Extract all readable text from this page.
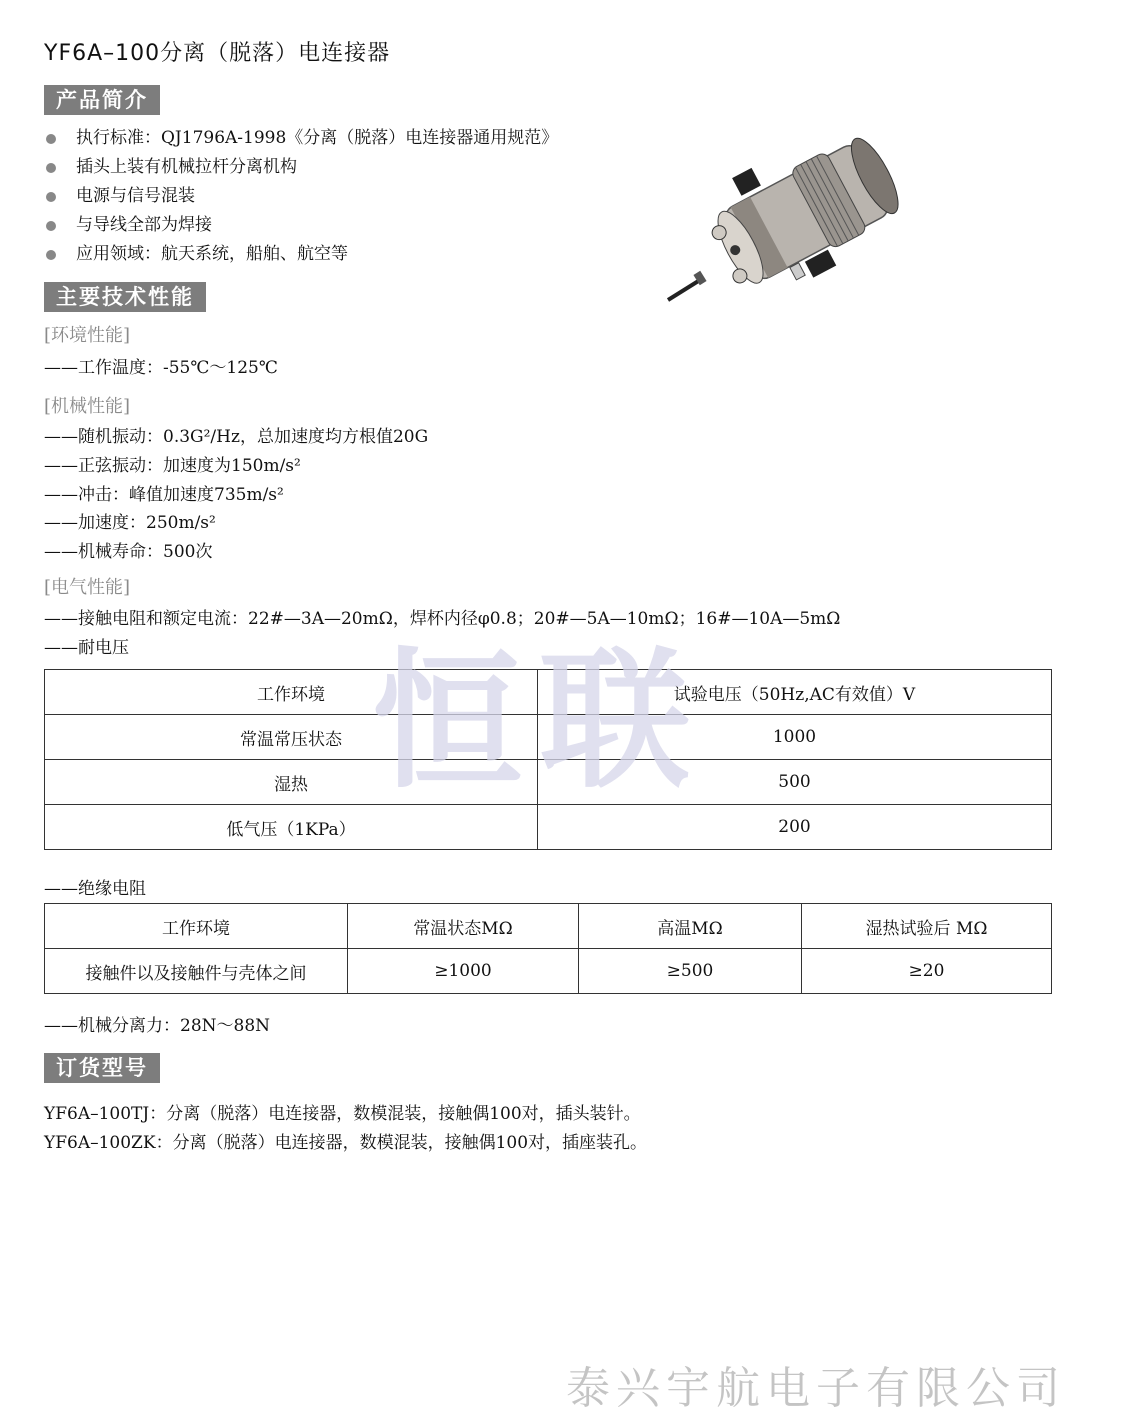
YF6A–100分离（脱落）电连接器
产品简介
执行标准：QJ1796A-1998《分离（脱落）电连接器通用规范》
插头上装有机械拉杆分离机构
电源与信号混装
与导线全部为焊接
应用领域：航天系统，船舶、航空等
主要技术性能
[环境性能]
——工作温度：-55℃～125℃
[机械性能]
——随机振动：0.3G²/Hz，总加速度均方根值20G
——正弦振动：加速度为150m/s²
——冲击：峰值加速度735m/s²
——加速度：250m/s²
——机械寿命：500次
[电气性能]
——接触电阻和额定电流：22#—3A—20mΩ，焊杯内径φ0.8；20#—5A—10mΩ；16#—10A—5mΩ
——耐电压
工作环境	试验电压（50Hz,AC有效值）V
常温常压状态	1000
湿热	500
低气压（1KPa）	200
——绝缘电阻
工作环境	常温状态MΩ	高温MΩ	湿热试验后 MΩ
接触件以及接触件与壳体之间	≥1000	≥500	≥20
——机械分离力：28N～88N
订货型号
YF6A–100TJ：分离（脱落）电连接器，数模混装，接触偶100对，插头装针。
YF6A–100ZK：分离（脱落）电连接器，数模混装，接触偶100对，插座装孔。
恒联
泰兴宇航电子有限公司
